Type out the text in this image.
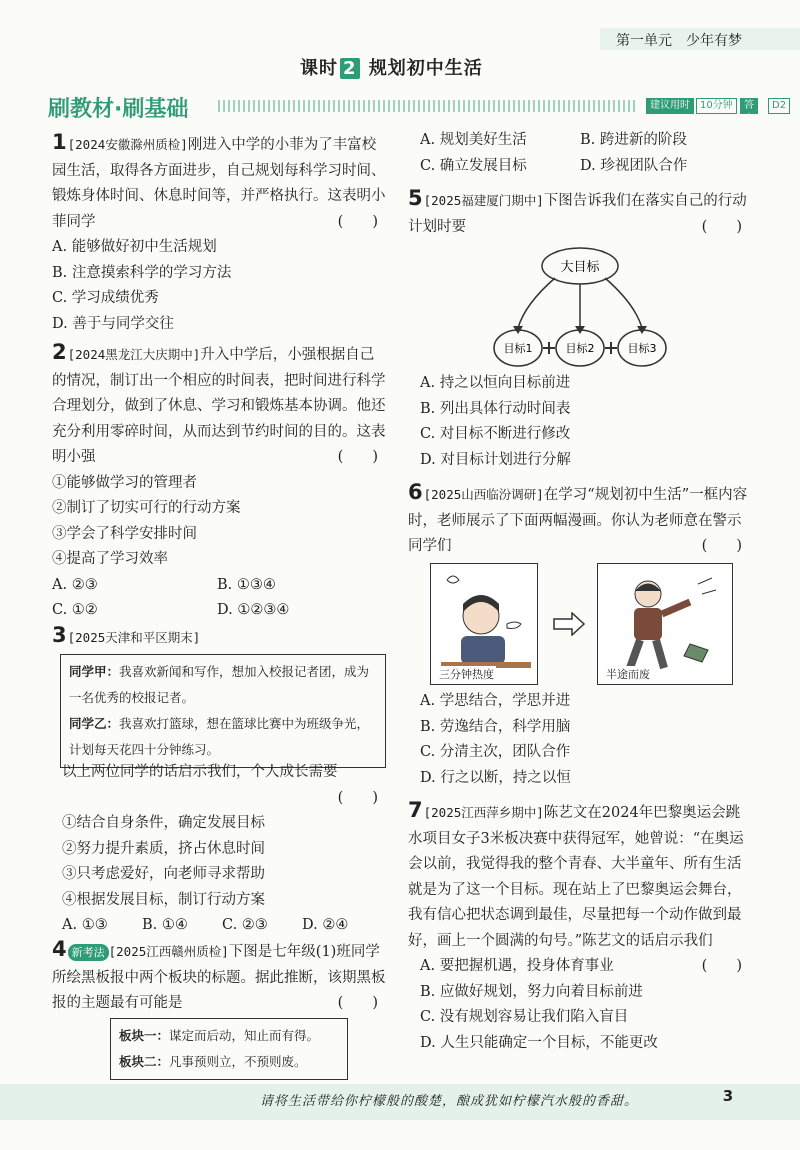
第一单元　少年有梦
课时 2 规划初中生活
刷教材·刷基础	建议用时	10分钟	答案
D2
1[2024安徽滁州质检]刚进入中学的小菲为了丰富校园生活，取得各方面进步，自己规划每科学习时间、锻炼身体时间、休息时间等，并严格执行。这表明小菲同学	(　　)
A. 能够做好初中生活规划
B. 注意摸索科学的学习方法
C. 学习成绩优秀
D. 善于与同学交往
2[2024黑龙江大庆期中]升入中学后，小强根据自己的情况，制订出一个相应的时间表，把时间进行科学合理划分，做到了休息、学习和锻炼基本协调。他还充分利用零碎时间，从而达到节约时间的目的。这表明小强	(　　)
①能够做学习的管理者
②制订了切实可行的行动方案
③学会了科学安排时间
④提高了学习效率
A. ②③	B. ①③④
C. ①②	D. ①②③④
3[2025天津和平区期末]
同学甲：我喜欢新闻和写作，想加入校报记者团，成为一名优秀的校报记者。
同学乙：我喜欢打篮球，想在篮球比赛中为班级争光，计划每天花四十分钟练习。
以上两位同学的话启示我们，个人成长需要
(　　)
①结合自身条件，确定发展目标
②努力提升素质，挤占休息时间
③只考虑爱好，向老师寻求帮助
④根据发展目标，制订行动方案
A. ①③	B. ①④	C. ②③	D. ②④
4 新考法 [2025江西赣州质检]下图是七年级(1)班同学所绘黑板报中两个板块的标题。据此推断，该期黑板报的主题最有可能是	(　　)
板块一：谋定而后动，知止而有得。
板块二：凡事预则立，不预则废。
A. 规划美好生活	B. 跨进新的阶段
C. 确立发展目标	D. 珍视团队合作
5[2025福建厦门期中]下图告诉我们在落实自己的行动计划时要	(　　)
大目标
目标1	目标2	目标3
A. 持之以恒向目标前进
B. 列出具体行动时间表
C. 对目标不断进行修改
D. 对目标计划进行分解
6[2025山西临汾调研]在学习“规划初中生活”一框内容时，老师展示了下面两幅漫画。你认为老师意在警示同学们	(　　)
三分钟热度	半途而废
A. 学思结合，学思并进
B. 劳逸结合，科学用脑
C. 分清主次，团队合作
D. 行之以断，持之以恒
7[2025江西萍乡期中]陈艺文在2024年巴黎奥运会跳水项目女子3米板决赛中获得冠军，她曾说：“在奥运会以前，我觉得我的整个青春、大半童年、所有生活就是为了这一个目标。现在站上了巴黎奥运会舞台，我有信心把状态调到最佳，尽量把每一个动作做到最好，画上一个圆满的句号。”陈艺文的话启示我们
(　　)
A. 要把握机遇，投身体育事业
B. 应做好规划，努力向着目标前进
C. 没有规划容易让我们陷入盲目
D. 人生只能确定一个目标，不能更改
请将生活带给你柠檬般的酸楚，酿成犹如柠檬汽水般的香甜。	3
